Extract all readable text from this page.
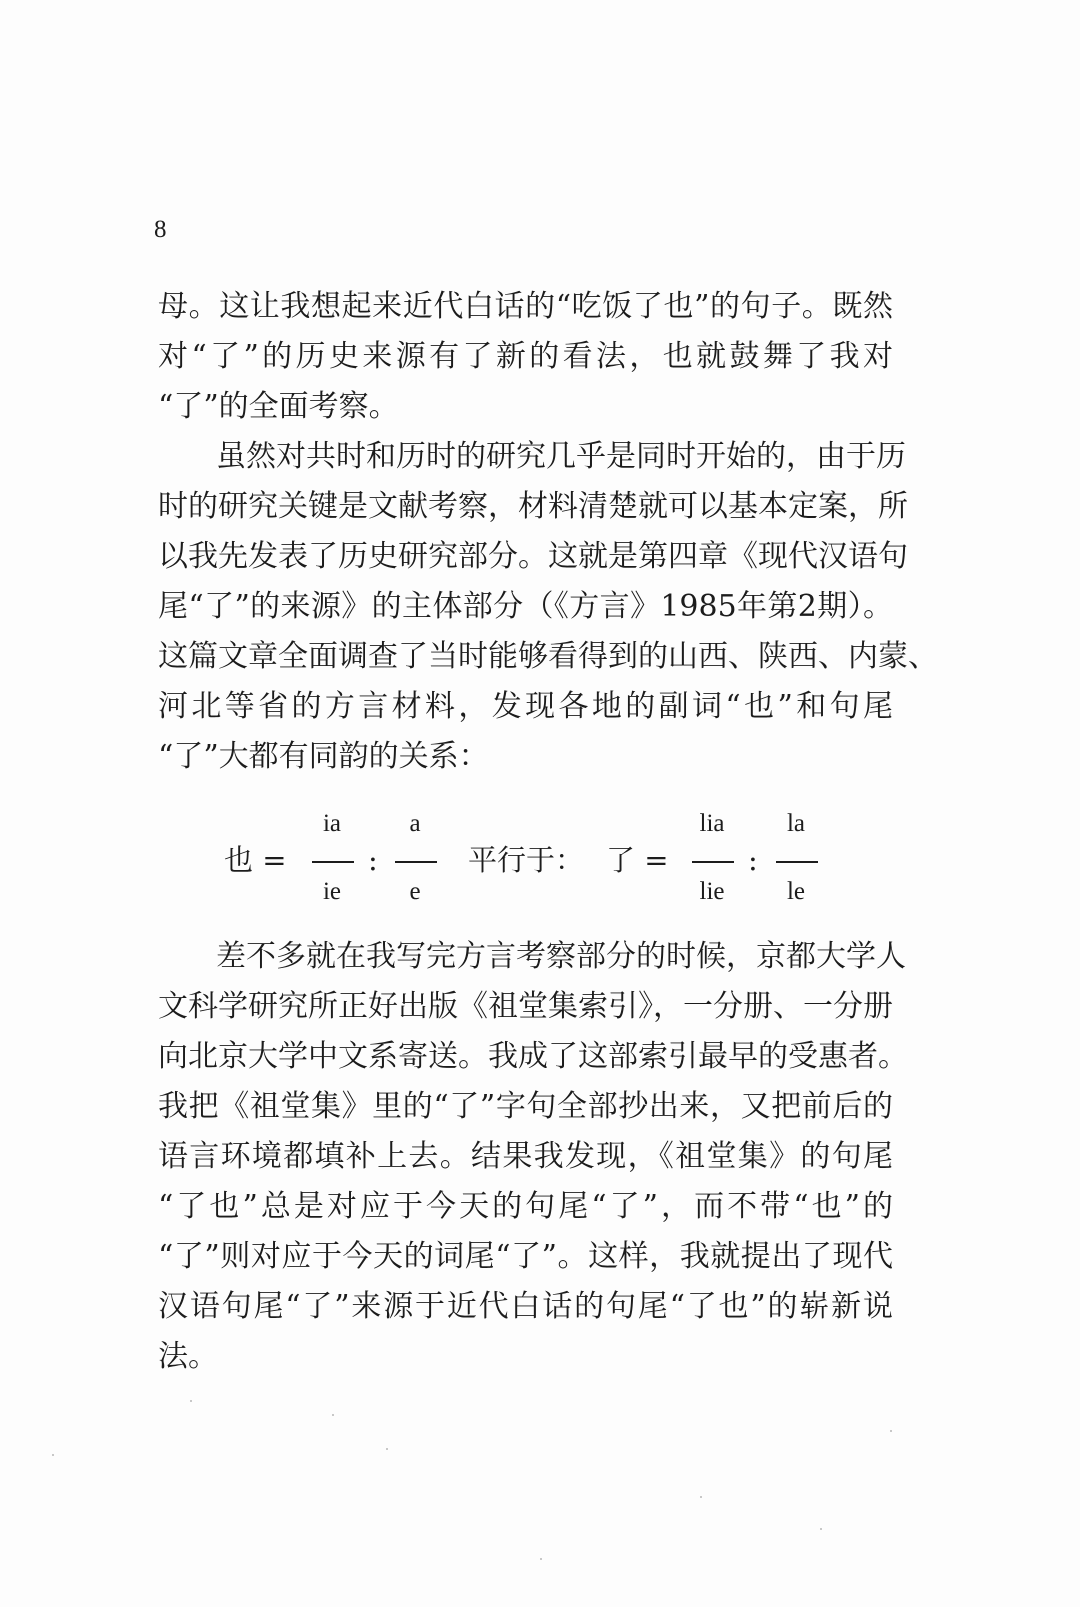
8
母。这让我想起来近代白话的“吃饭了也”的句子。既然
对“了”的历史来源有了新的看法，也就鼓舞了我对
“了”的全面考察。
虽然对共时和历时的研究几乎是同时开始的，由于历
时的研究关键是文献考察，材料清楚就可以基本定案，所
以我先发表了历史研究部分。这就是第四章《现代汉语句
尾“了”的来源》的主体部分（《方言》1985年第2期）。
这篇文章全面调查了当时能够看得到的山西、陕西、内蒙、
河北等省的方言材料，发现各地的副词“也”和句尾
“了”大都有同韵的关系：
也 =
ia
ie
:
a
e
平行于： 了 =
lia
lie
:
la
le
差不多就在我写完方言考察部分的时候，京都大学人
文科学研究所正好出版《祖堂集索引》，一分册、一分册
向北京大学中文系寄送。我成了这部索引最早的受惠者。
我把《祖堂集》里的“了”字句全部抄出来，又把前后的
语言环境都填补上去。结果我发现，《祖堂集》的句尾
“了也”总是对应于今天的句尾“了”，而不带“也”的
“了”则对应于今天的词尾“了”。这样，我就提出了现代
汉语句尾“了”来源于近代白话的句尾“了也”的崭新说
法。
